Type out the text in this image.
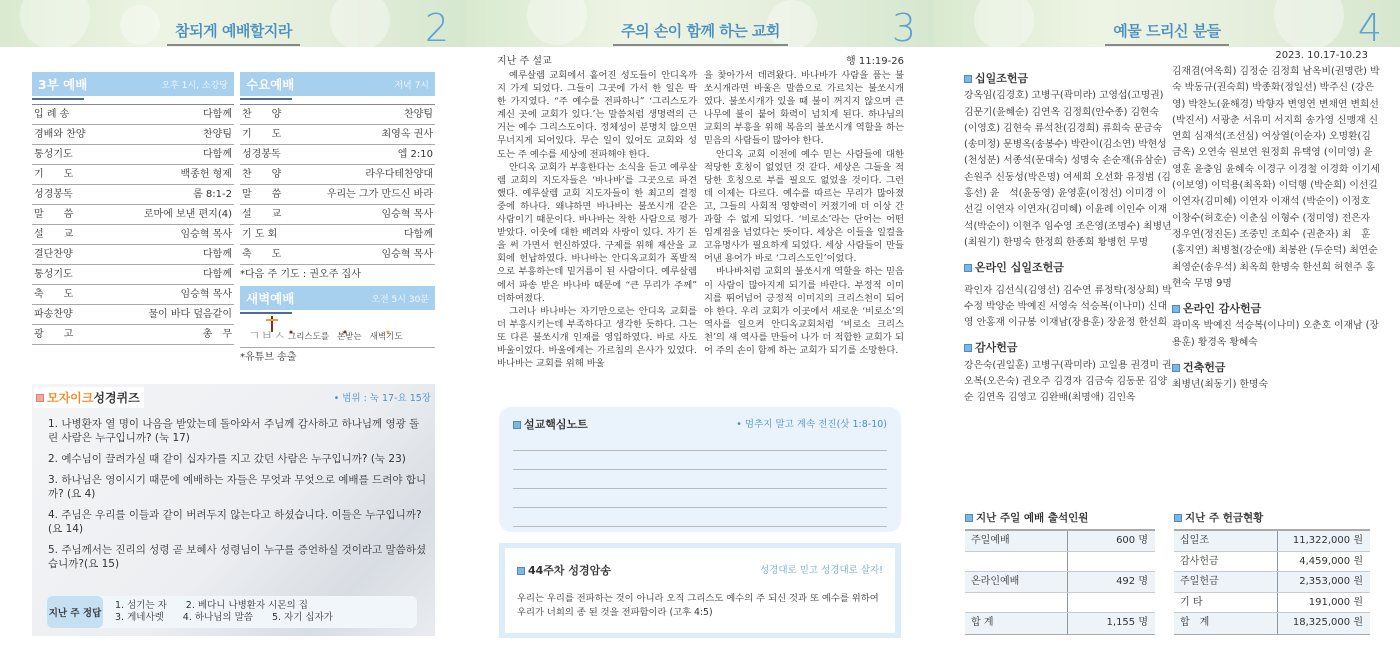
참되게 예배할지라	2
3부 예배	오후 1시, 소강당
입 례 송	다함께
경배와 찬양	찬양팀
통성기도	다함께
기　　도	백종헌 형제
성경봉독	롬 8:1-2
말　　씀	로마에 보낸 편지(4)
설　　교	임승혁 목사
결단찬양	다함께
통성기도	다함께
축　　도	임승혁 목사
파송찬양	물이 바다 덮음같이
광　　고	총　무
수요예배	저녁 7시
찬　　양	찬양팀
기　　도	최영옥 권사
성경봉독	엡 2:10
찬　　양	라우다테찬양대
말　　씀	우리는 그가 만드신 바라
설　　교	임승혁 목사
기 도 회	다함께
축　　도	임승혁 목사
*다음 주 기도 : 권오주 집사
새벽예배	오전 5시 30분
ㄱㅂㅅ 그리스도를 본받는 새벽기도
*유튜브 송출
모자이크성경퀴즈	• 범위 : 눅 17-요 15장
1. 나병환자 열 명이 나음을 받았는데 돌아와서 주님께 감사하고 하나님께 영광 돌린 사람은 누구입니까? (눅 17)
2. 예수님이 끌려가실 때 같이 십자가를 지고 갔던 사람은 누구입니까? (눅 23)
3. 하나님은 영이시기 때문에 예배하는 자들은 무엇과 무엇으로 예배를 드려야 합니까? (요 4)
4. 주님은 우리를 이들과 같이 버려두지 않는다고 하셨습니다. 이들은 누구입니까? (요 14)
5. 주님께서는 진리의 성령 곧 보혜사 성령님이 누구를 증언하실 것이라고 말씀하셨습니까?(요 15)
지난 주 정답
1. 섬기는 자　　2. 베다니 나병환자 시몬의 집
3. 게네사렛　　4. 하나님의 말씀　　5. 자기 십자가
주의 손이 함께 하는 교회	3
지난 주 설교	행 11:19-26

예루살렘 교회에서 흩어진 성도들이 안디옥까지 가게 되었다. 그들이 그곳에 가서 한 일은 딱 한 가지였다. “주 예수를 전파하니” ‘그리스도가 계신 곳에 교회가 있다.’는 말씀처럼 생명력의 근거는 예수 그리스도이다. 정체성이 분명치 않으면 무너지게 되어있다. 무슨 일이 있어도 교회와 성도는 주 예수를 세상에 전파해야 한다.

안디옥 교회가 부흥한다는 소식을 듣고 예루살렘 교회의 지도자들은 ‘바나바’를 그곳으로 파견했다. 예루살렘 교회 지도자들이 한 최고의 결정 중에 하나다. 왜냐하면 바나바는 불쏘시개 같은 사람이기 때문이다. 바나바는 착한 사람으로 평가받았다. 이웃에 대한 배려와 사랑이 있다. 자기 돈을 써 가면서 헌신하였다. 구제를 위해 재산을 교회에 헌납하였다. 바나바는 안디옥교회가 폭발적으로 부흥하는데 밑거름이 된 사람이다. 예루살렘에서 파송 받은 바나바 때문에 “큰 무리가 주께” 더하여졌다.

그러나 바나바는 자기만으로는 안디옥 교회를 더 부흥시키는데 부족하다고 생각한 듯하다. 그는 또 다른 불쏘시개 인재를 영입하였다. 바로 사도 바울이었다. 바울에게는 가르침의 은사가 있었다. 바나바는 교회를 위해 바울

을 찾아가서 데려왔다. 바나바가 사람을 품는 불쏘시개라면 바울은 말씀으로 가르치는 불쏘시개였다. 불쏘시개가 있을 때 불이 꺼지지 않으며 큰 나무에 불이 붙어 화력이 넘치게 된다. 하나님의 교회의 부흥을 위해 복음의 불쏘시개 역할을 하는 믿음의 사람들이 많아야 한다.

안디옥 교회 이전에 예수 믿는 사람들에 대한 적당한 호칭이 없었던 것 같다. 세상은 그들을 적당한 호칭으로 부를 필요도 없었을 것이다. 그런데 이제는 다르다. 예수를 따르는 무리가 많아졌고, 그들의 사회적 영향력이 커졌기에 더 이상 간과할 수 없게 되었다. ‘비로소’라는 단어는 어떤 임계점을 넘었다는 뜻이다. 세상은 이들을 일컬을 고유명사가 필요하게 되었다. 세상 사람들이 만들어낸 용어가 바로 ‘그리스도인’이었다.

바나바처럼 교회의 불쏘시개 역할을 하는 믿음이 사람이 많아지게 되기를 바란다. 부정적 이미지를 뛰어넘어 긍정적 이미지의 크리스천이 되어야 한다. 우리 교회가 이곳에서 새로운 ‘비로소’의 역사를 일으켜 안디옥교회처럼 ‘비로소 크리스천’의 새 역사를 만들어 나가 더 적합한 교회가 되어 주의 손이 함께 하는 교회가 되기를 소망한다.

설교핵심노트	• 멈추지 말고 계속 전진(삿 1:8-10)
44주차 성경암송	성경대로 믿고 성경대로 살자!
우리는 우리를 전파하는 것이 아니라 오직 그리스도 예수의 주 되신 것과 또 예수를 위하여 우리가 너희의 종 된 것을 전파함이라 (고후 4:5)
예물 드리신 분들	4
2023. 10.17-10.23
십일조헌금
강옥임(김경호) 고병구(곽미라) 고영섭(고명권) 김문기(윤혜순) 김연옥 김정희(안수종) 김현숙 (이영호) 김현숙 류석찬(김경희) 류희숙 문금숙 (송미정) 문병옥(송봉수) 박란이(김소연) 박현성 (천성분) 서종석(문대숙) 성명숙 손순재(유삼순) 손원주 신동성(박은명) 여세희 오선화 유정범 (김홍선) 윤　석(윤동영) 윤영훈(이정선) 이미경 이선길 이연자 이연자(김미혜) 이윤례 이인수 이재석(박순이) 이현주 임수영 조은영(조명수) 최병년(최원기) 한명숙 한정희 한종희 황병헌 무명
온라인 십일조헌금
곽인자 김선식(김영선) 김수연 류정탁(정상희) 박수정 박양순 박예진 서영숙 석승복(이나미) 신대영 안홍재 이규봉 이재남(장용훈) 장윤정 한선희
감사헌금
강은숙(권일훈) 고병구(곽미라) 고일용 권경미 권오복(오은숙) 권오주 김경자 김금숙 김동문 김양순 김연옥 김영고 김완배(최명애) 김인옥
김재겸(여옥희) 김정순 김정희 남옥비(권명란) 박　숙 박동규(권숙희) 박종화(정일선) 박주신 (강은영) 박찬노(윤해경) 박향자 변영연 변채연 변희선(박진서) 서광춘 서유미 서지희 송가영 신맹재 신연희 심재석(조선심) 여상열(이순자) 오명환(김금옥) 오연숙 원보연 원정희 유택영 (이미영) 윤영훈 윤충임 윤혜숙 이경구 이경철 이경화 이기세(이보영) 이덕용(최옥화) 이덕행 (박순희) 이선길 이연자(김미혜) 이연자 이재석 (박순이) 이정호 이창수(허호순) 이춘심 이형수 (정미영) 전은자 정우연(정진돈) 조중민 조희수 (권춘자) 최　훈(홍지연) 최병철(강순애) 최봉완 (두순덕) 최연순 최영순(송우석) 최옥희 한명숙 한선희 허현주 홍현숙 무명 9명
온라인 감사헌금
곽미옥 박예진 석승복(이나미) 오춘호 이재남 (장용훈) 황경옥 황혜숙
건축헌금
최병년(최동기) 한명숙
지난 주일 예배 출석인원
주일예배	600 명
온라인예배	492 명
합 계	1,155 명
지난 주 헌금현황
십일조	11,322,000 원
감사헌금	4,459,000 원
주일헌금	2,353,000 원
기 타	191,000 원
합　계	18,325,000 원
